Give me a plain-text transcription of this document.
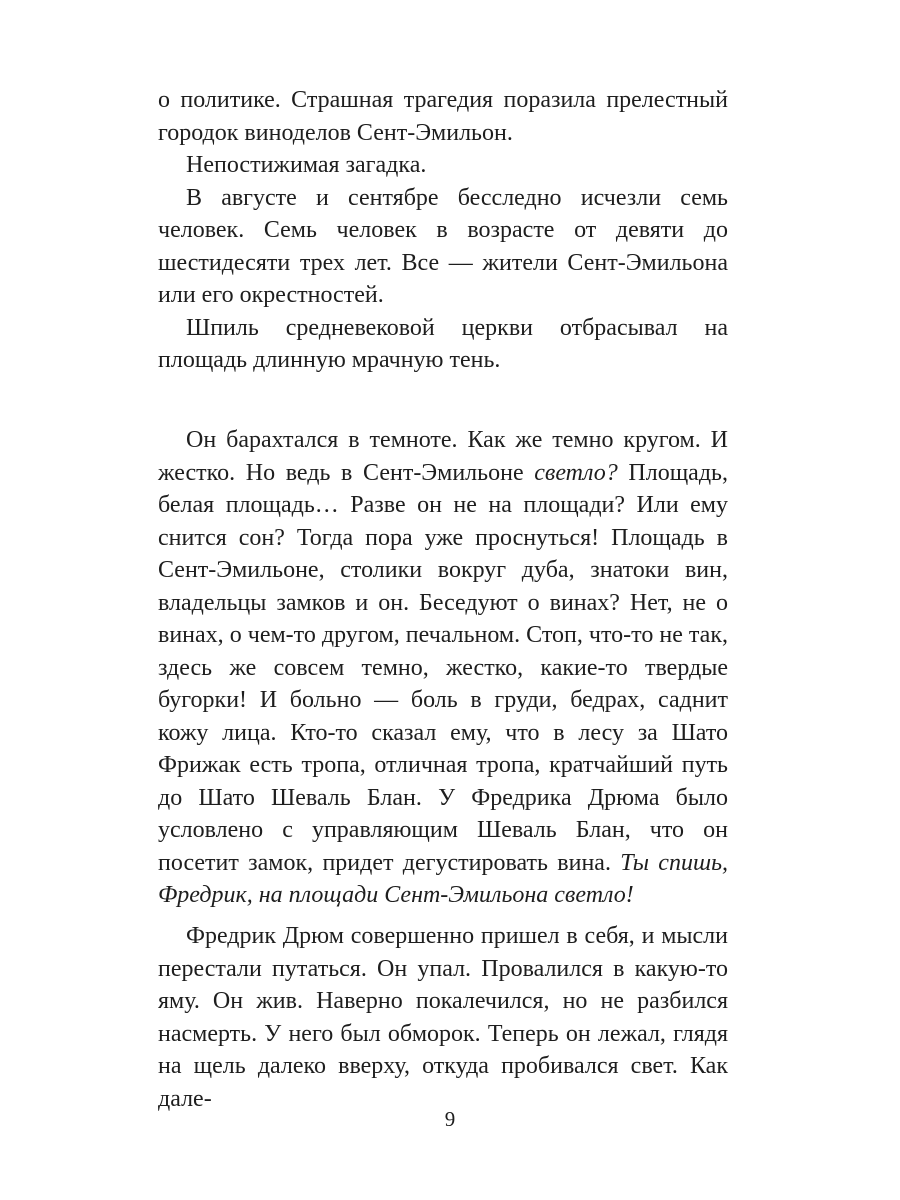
о политике. Страшная трагедия поразила прелестный городок виноделов Сент-Эмильон.

Непостижимая загадка.

В августе и сентябре бесследно исчезли семь человек. Семь человек в возрасте от девяти до шестидесяти трех лет. Все — жители Сент-Эмильона или его окрестностей.

Шпиль средневековой церкви отбрасывал на площадь длинную мрачную тень.

Он барахтался в темноте. Как же темно кругом. И жестко. Но ведь в Сент-Эмильоне светло? Площадь, белая площадь… Разве он не на площади? Или ему снится сон? Тогда пора уже проснуться! Площадь в Сент-Эмильоне, столики вокруг дуба, знатоки вин, владельцы замков и он. Беседуют о винах? Нет, не о винах, о чем-то другом, печальном. Стоп, что-то не так, здесь же совсем темно, жестко, какие-то твердые бугорки! И больно — боль в груди, бедрах, саднит кожу лица. Кто-то сказал ему, что в лесу за Шато Фрижак есть тропа, отличная тропа, кратчайший путь до Шато Шеваль Блан. У Фредрика Дрюма было условлено с управляющим Шеваль Блан, что он посетит замок, придет дегустировать вина. Ты спишь, Фредрик, на площади Сент-Эмильона светло!

Фредрик Дрюм совершенно пришел в себя, и мысли перестали путаться. Он упал. Провалился в какую-то яму. Он жив. Наверно покалечился, но не разбился насмерть. У него был обморок. Теперь он лежал, глядя на щель далеко вверху, откуда пробивался свет. Как дале-

9
